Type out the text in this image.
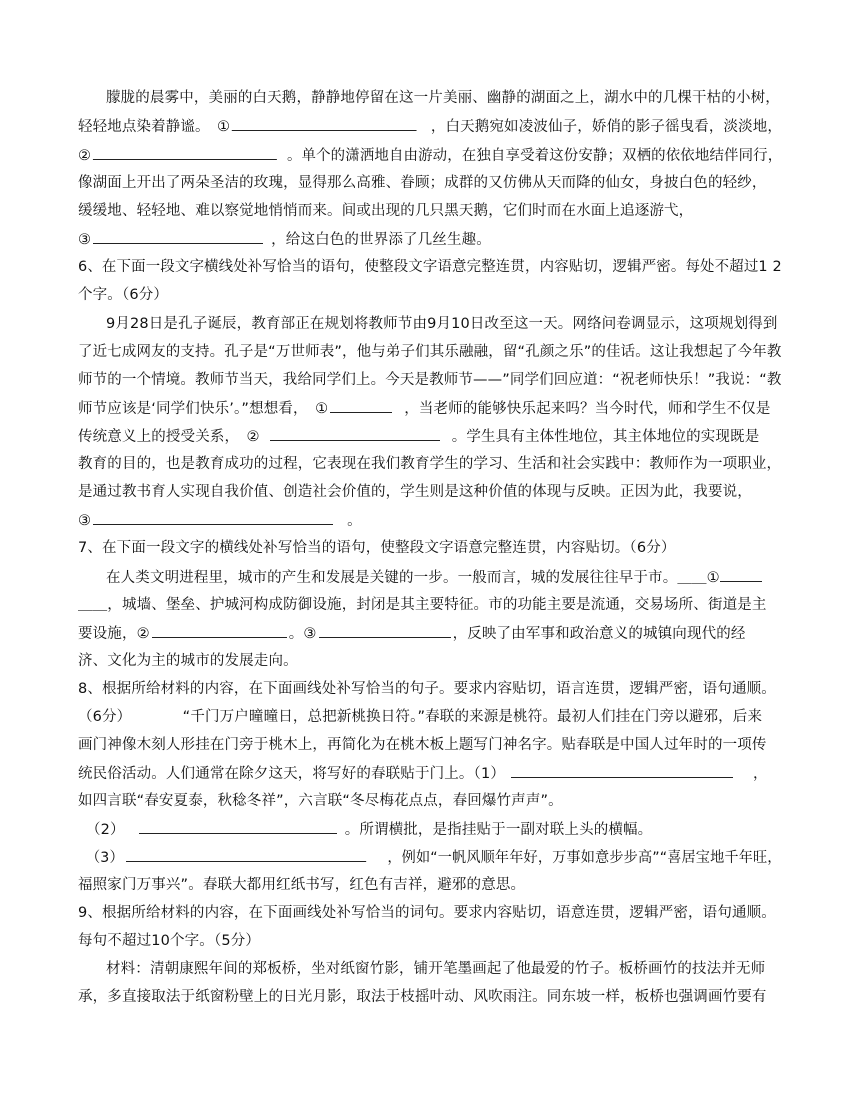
朦胧的晨雾中，美丽的白天鹅，静静地停留在这一片美丽、幽静的湖面之上，湖水中的几棵干枯的小树，
轻轻地点染着静谧。　①	，白天鹅宛如凌波仙子，娇俏的影子徭曳看，淡淡地，
②	。单个的潇洒地自由游动，在独自享受着这份安静；双栖的依依地结伴同行，
像湖面上开出了两朵圣洁的玫瑰，显得那么高雅、眷顾；成群的又仿佛从天而降的仙女，身披白色的轻纱，
缓缓地、轻轻地、难以察觉地悄悄而来。间或出现的几只黑天鹅，它们时而在水面上追逐游弋，
③	，给这白色的世界添了几丝生趣。
6、在下面一段文字横线处补写恰当的语句，使整段文字语意完整连贯，内容贴切，逻辑严密。每处不超过1 2
个字。（6分）
9月28日是孔子诞辰，教育部正在规划将教师节由9月10日改至这一天。网络问卷调显示，这项规划得到
了近七成网友的支持。孔子是“万世师表”，他与弟子们其乐融融，留“孔颜之乐”的佳话。这让我想起了今年教
师节的一个情境。教师节当天，我给同学们上。今天是教师节——”同学们回应道：“祝老师快乐！”我说：“教
师节应该是‘同学们快乐’。”想想看，　①	，当老师的能够快乐起来吗？当今时代，师和学生不仅是
传统意义上的授受关系，　②	。学生具有主体性地位，其主体地位的实现既是
教育的目的，也是教育成功的过程，它表现在我们教育学生的学习、生活和社会实践中：教师作为一项职业，
是通过教书育人实现自我价值、创造社会价值的，学生则是这种价值的体现与反映。正因为此，我要说，
③	。
7、在下面一段文字的横线处补写恰当的语句，使整段文字语意完整连贯，内容贴切。（6分）
在人类文明进程里，城市的产生和发展是关键的一步。一般而言，城的发展往往早于市。＿＿①
＿＿，城墙、堡垒、护城河构成防御设施，封闭是其主要特征。市的功能主要是流通，交易场所、街道是主
要设施，②	。③	，反映了由军事和政治意义的城镇向现代的经
济、文化为主的城市的发展走向。
8、根据所给材料的内容，在下面画线处补写恰当的句子。要求内容贴切，语言连贯，逻辑严密，语句通顺。
（6分）　　　　“千门万户曈曈日，总把新桃换日符。”春联的来源是桃符。最初人们挂在门旁以避邪，后来
画门神像木刻人形挂在门旁于桃木上，再简化为在桃木板上题写门神名字。贴春联是中国人过年时的一项传
统民俗活动。人们通常在除夕这天，将写好的春联贴于门上。（1）	，
如四言联“春安夏泰，秋稔冬祥”，六言联“冬尽梅花点点，春回爆竹声声”。
（2）	。所谓横批，是指挂贴于一副对联上头的横幅。
（3）	，例如“一帆风顺年年好，万事如意步步高”“喜居宝地千年旺，
福照家门万事兴”。春联大都用红纸书写，红色有吉祥，避邪的意思。
9、根据所给材料的内容，在下面画线处补写恰当的词句。要求内容贴切，语意连贯，逻辑严密，语句通顺。
每句不超过10个字。（5分）
材料：清朝康熙年间的郑板桥，坐对纸窗竹影，铺开笔墨画起了他最爱的竹子。板桥画竹的技法并无师
承，多直接取法于纸窗粉壁上的日光月影，取法于枝摇叶动、风吹雨注。同东坡一样，板桥也强调画竹要有
